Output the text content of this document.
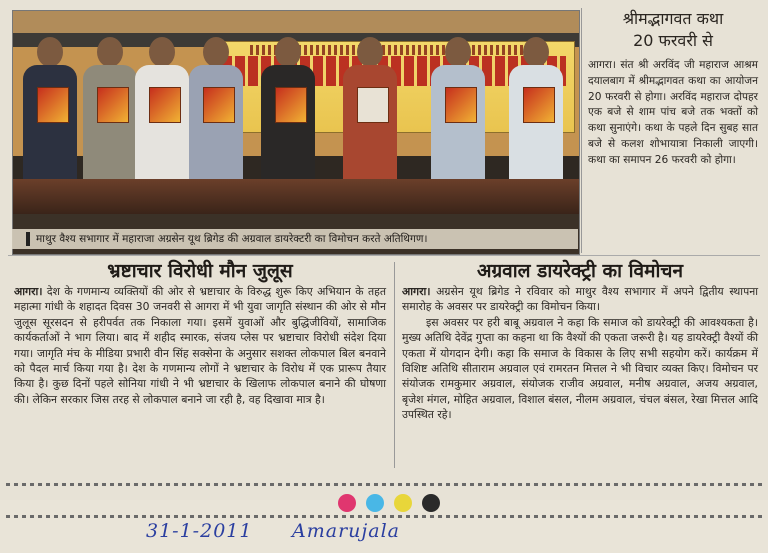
माथुर वैश्य सभागार में महाराजा अग्रसेन यूथ ब्रिगेड की अग्रवाल डायरेक्टरी का विमोचन करते अतिथिगण।
श्रीमद्भागवत कथा
20 फरवरी से
आगरा। संत श्री अरविंद जी महाराज आश्रम दयालबाग में श्रीमद्भागवत कथा का आयोजन 20 फरवरी से होगा। अरविंद महाराज दोपहर एक बजे से शाम पांच बजे तक भक्तों को कथा सुनाएंगे। कथा के पहले दिन सुबह सात बजे से कलश शोभायात्रा निकाली जाएगी। कथा का समापन 26 फरवरी को होगा।
भ्रष्टाचार विरोधी मौन जुलूस

आगरा। देश के गणमान्य व्यक्तियों की ओर से भ्रष्टाचार के विरुद्ध शुरू किए अभियान के तहत महात्मा गांधी के शहादत दिवस 30 जनवरी से आगरा में भी युवा जागृति संस्थान की ओर से मौन जुलूस सूरसदन से हरीपर्वत तक निकाला गया। इसमें युवाओं और बुद्धिजीवियों, सामाजिक कार्यकर्ताओं ने भाग लिया। बाद में शहीद स्मारक, संजय प्लेस पर भ्रष्टाचार विरोधी संदेश दिया गया। जागृति मंच के मीडिया प्रभारी वीन सिंह सक्सेना के अनुसार सशक्त लोकपाल बिल बनवाने को पैदल मार्च किया गया है। देश के गणमान्य लोगों ने भ्रष्टाचार के विरोध में एक प्रारूप तैयार किया है। कुछ दिनों पहले सोनिया गांधी ने भी भ्रष्टाचार के खिलाफ लोकपाल बनाने की घोषणा की। लेकिन सरकार जिस तरह से लोकपाल बनाने जा रही है, वह दिखावा मात्र है।

अग्रवाल डायरेक्ट्री का विमोचन

आगरा। अग्रसेन यूथ ब्रिगेड ने रविवार को माथुर वैश्य सभागार में अपने द्वितीय स्थापना समारोह के अवसर पर डायरेक्ट्री का विमोचन किया।

इस अवसर पर हरी बाबू अग्रवाल ने कहा कि समाज को डायरेक्ट्री की आवश्यकता है। मुख्य अतिथि देवेंद्र गुप्ता का कहना था कि वैश्यों की एकता जरूरी है। यह डायरेक्ट्री वैश्यों की एकता में योगदान देगी। कहा कि समाज के विकास के लिए सभी सहयोग करें। कार्यक्रम में विशिष्ट अतिथि सीताराम अग्रवाल एवं रामरतन मित्तल ने भी विचार व्यक्त किए। विमोचन पर संयोजक रामकुमार अग्रवाल, संयोजक राजीव अग्रवाल, मनीष अग्रवाल, अजय अग्रवाल, बृजेश मंगल, मोहित अग्रवाल, विशाल बंसल, नीलम अग्रवाल, चंचल बंसल, रेखा मित्तल आदि उपस्थित रहे।

31-1-2011 Amarujala
